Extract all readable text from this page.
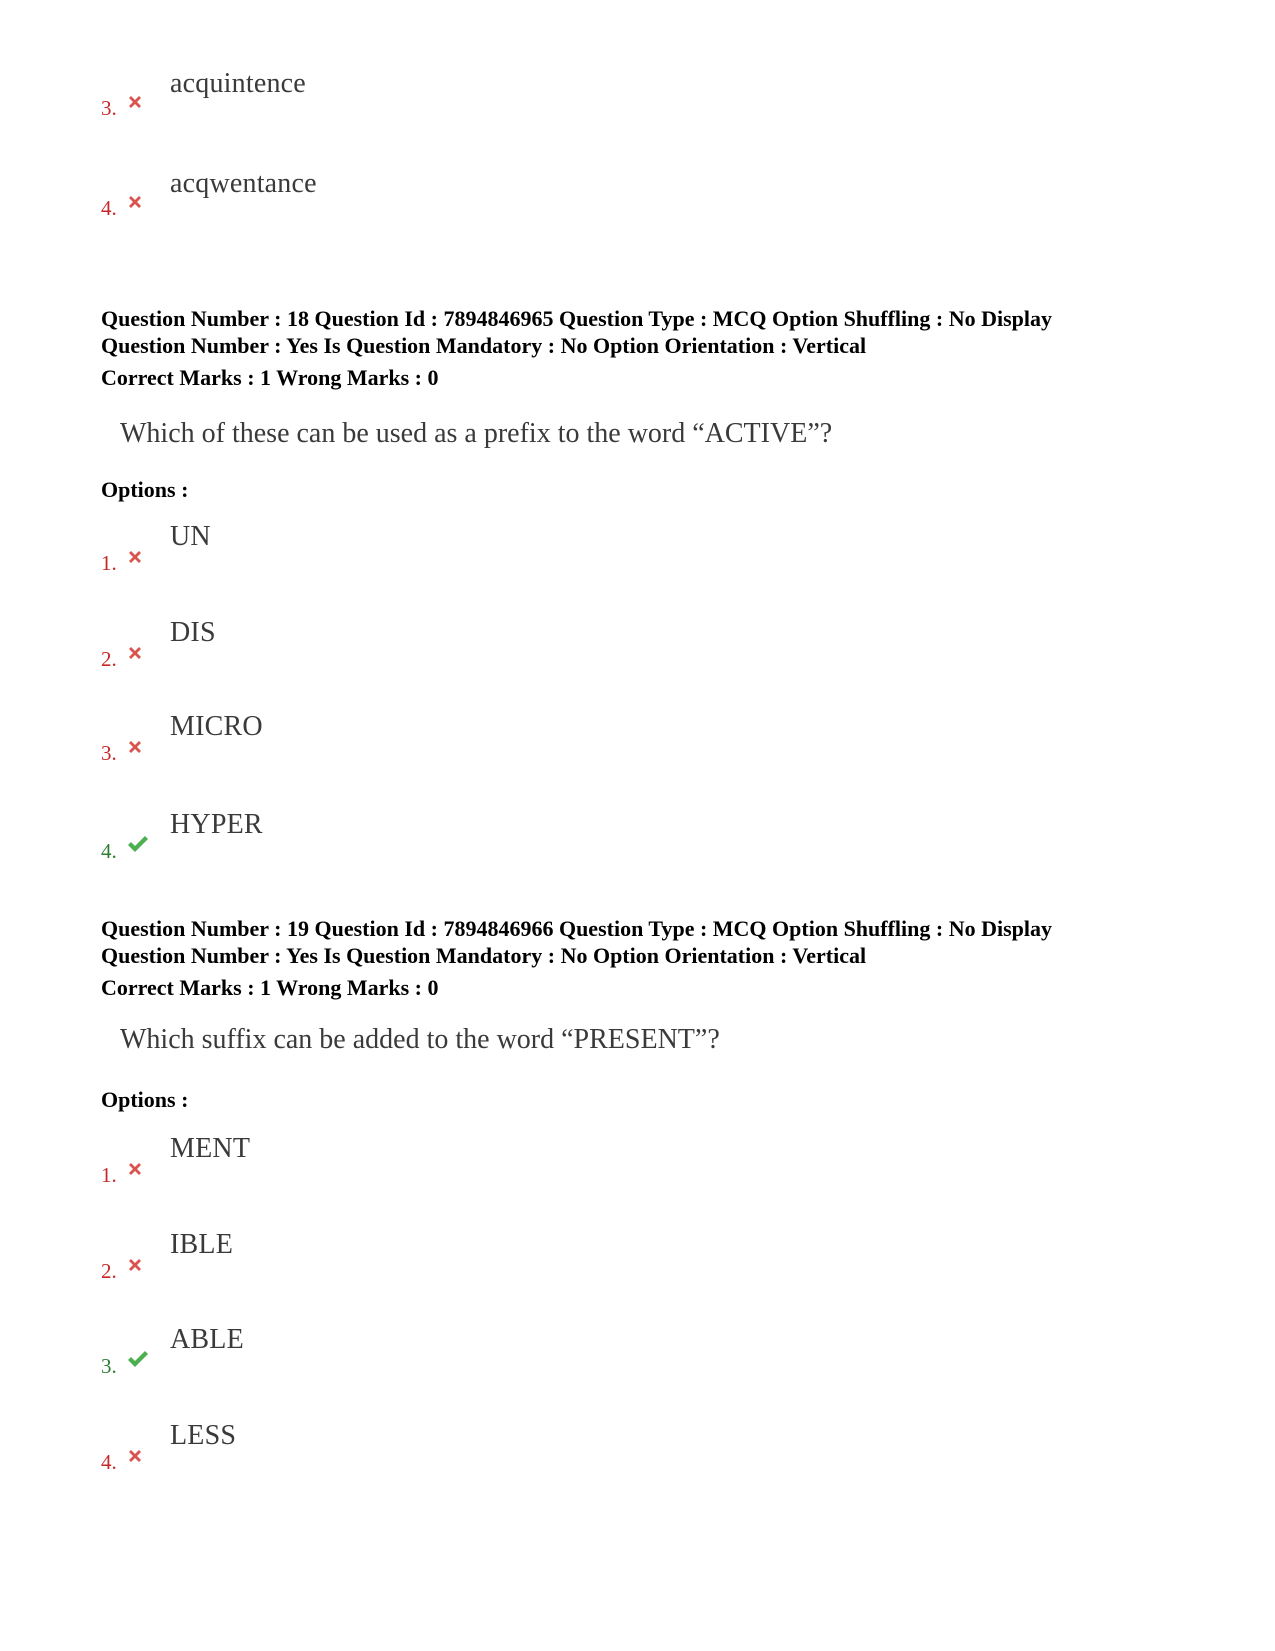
acquintence
3.
acqwentance
4.
Question Number : 18 Question Id : 7894846965 Question Type : MCQ Option Shuffling : No Display
Question Number : Yes Is Question Mandatory : No Option Orientation : Vertical
Correct Marks : 1 Wrong Marks : 0
Which of these can be used as a prefix to the word “ACTIVE”?
Options :
UN
1.
DIS
2.
MICRO
3.
HYPER
4.
Question Number : 19 Question Id : 7894846966 Question Type : MCQ Option Shuffling : No Display
Question Number : Yes Is Question Mandatory : No Option Orientation : Vertical
Correct Marks : 1 Wrong Marks : 0
Which suffix can be added to the word “PRESENT”?
Options :
MENT
1.
IBLE
2.
ABLE
3.
LESS
4.
